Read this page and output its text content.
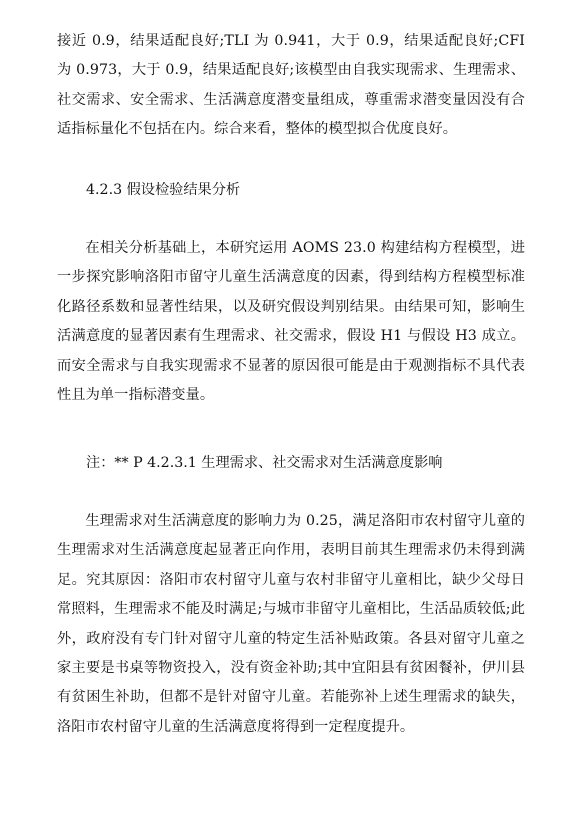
接近 0.9，结果适配良好;TLI 为 0.941，大于 0.9，结果适配良好;CFI 为 0.973，大于 0.9，结果适配良好;该模型由自我实现需求、生理需求、社交需求、安全需求、生活满意度潜变量组成，尊重需求潜变量因没有合适指标量化不包括在内。综合来看，整体的模型拟合优度良好。

4.2.3 假设检验结果分析

在相关分析基础上，本研究运用 AOMS 23.0 构建结构方程模型，进一步探究影响洛阳市留守儿童生活满意度的因素，得到结构方程模型标准化路径系数和显著性结果，以及研究假设判别结果。由结果可知，影响生活满意度的显著因素有生理需求、社交需求，假设 H1 与假设 H3 成立。而安全需求与自我实现需求不显著的原因很可能是由于观测指标不具代表性且为单一指标潜变量。

注：** P 4.2.3.1 生理需求、社交需求对生活满意度影响

生理需求对生活满意度的影响力为 0.25，满足洛阳市农村留守儿童的生理需求对生活满意度起显著正向作用，表明目前其生理需求仍未得到满足。究其原因：洛阳市农村留守儿童与农村非留守儿童相比，缺少父母日常照料，生理需求不能及时满足;与城市非留守儿童相比，生活品质较低;此外，政府没有专门针对留守儿童的特定生活补贴政策。各县对留守儿童之家主要是书桌等物资投入，没有资金补助;其中宜阳县有贫困餐补，伊川县有贫困生补助，但都不是针对留守儿童。若能弥补上述生理需求的缺失，洛阳市农村留守儿童的生活满意度将得到一定程度提升。
